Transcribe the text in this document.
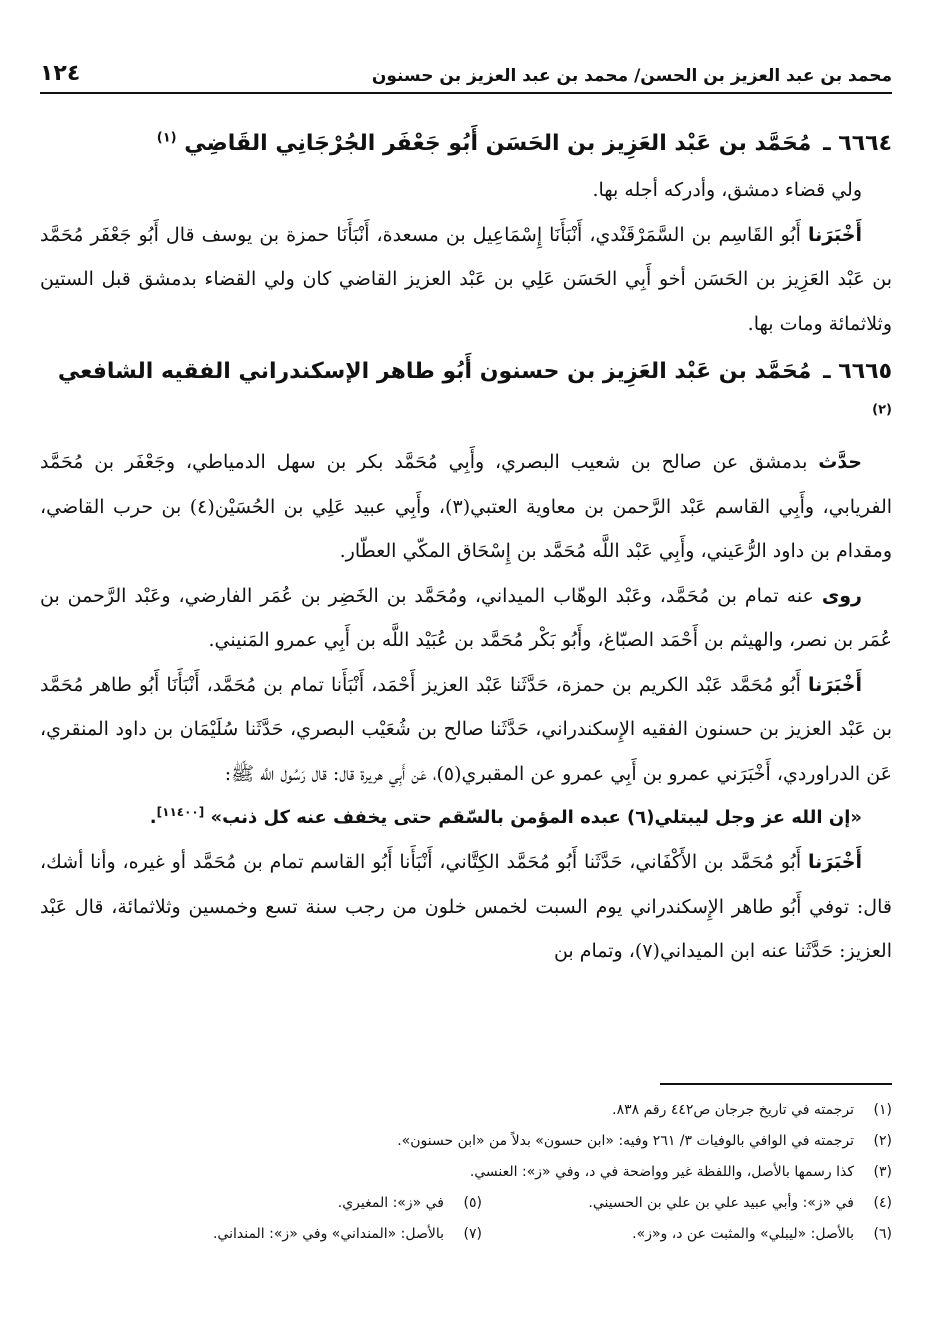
محمد بن عبد العزيز بن الحسن/ محمد بن عبد العزيز بن حسنون
١٢٤
٦٦٦٤ ـ مُحَمَّد بن عَبْد العَزِيز بن الحَسَن أَبُو جَعْفَر الجُرْجَانِي القَاضِي $^{(١)}$

ولي قضاء دمشق، وأدركه أجله بها.

أَخْبَرَنا أَبُو القَاسِم بن السَّمَرْقَنْدي، أَنْبَأَنَا إِسْمَاعِيل بن مسعدة، أَنْبَأَنَا حمزة بن يوسف قال أَبُو جَعْفَر مُحَمَّد بن عَبْد العَزِيز بن الحَسَن أخو أَبِي الحَسَن عَلِي بن عَبْد العزيز القاضي كان ولي القضاء بدمشق قبل الستين وثلاثمائة ومات بها.

٦٦٦٥ ـ مُحَمَّد بن عَبْد العَزِيز بن حسنون أَبُو طاهر الإسكندراني الفقيه الشافعي $^{(٢)}$

حدَّث بدمشق عن صالح بن شعيب البصري، وأَبِي مُحَمَّد بكر بن سهل الدمياطي، وجَعْفَر بن مُحَمَّد الفريابي، وأَبِي القاسم عَبْد الرَّحمن بن معاوية العتبي(٣)، وأَبِي عبيد عَلِي بن الحُسَيْن(٤) بن حرب القاضي، ومقدام بن داود الرُّعَيني، وأَبِي عَبْد اللَّه مُحَمَّد بن إِسْحَاق المكّي العطّار.

روى عنه تمام بن مُحَمَّد، وعَبْد الوهّاب الميداني، ومُحَمَّد بن الخَضِر بن عُمَر الفارضي، وعَبْد الرَّحمن بن عُمَر بن نصر، والهيثم بن أَحْمَد الصبّاغ، وأَبُو بَكْر مُحَمَّد بن عُبَيْد اللَّه بن أَبِي عمرو المَنيني.

أَخْبَرَنا أَبُو مُحَمَّد عَبْد الكريم بن حمزة، حَدَّثَنا عَبْد العزيز أَحْمَد، أَنْبَأَنا تمام بن مُحَمَّد، أَنْبَأَنَا أَبُو طاهر مُحَمَّد بن عَبْد العزيز بن حسنون الفقيه الإِسكندراني، حَدَّثَنا صالح بن شُعَيْب البصري، حَدَّثَنا سُلَيْمَان بن داود المنقري، عَن الدراوردي، أَخْبَرَني عمرو بن أَبِي عمرو عن المقبري(٥)، عَن أَبِي هريرة قال: قال رَسُول اللَّه ﷺ:

«إن الله عز وجل ليبتلي(٦) عبده المؤمن بالسّقم حتى يخفف عنه كل ذنب» [١١٤٠٠].

أَخْبَرَنا أَبُو مُحَمَّد بن الأَكْفَاني، حَدَّثَنا أَبُو مُحَمَّد الكِتَّاني، أَنْبَأَنا أَبُو القاسم تمام بن مُحَمَّد أو غيره، وأنا أشك، قال: توفي أَبُو طاهر الإِسكندراني يوم السبت لخمس خلون من رجب سنة تسع وخمسين وثلاثمائة، قال عَبْد العزيز: حَدَّثَنا عنه ابن الميداني(٧)، وتمام بن

(١)
ترجمته في تاريخ جرجان ص٤٤٢ رقم ٨٣٨.
(٢)
ترجمته في الوافي بالوفيات ٣/ ٢٦١ وفيه: «ابن حسون» بدلاً من «ابن حسنون».
(٣)
كذا رسمها بالأصل، واللفظة غير وواضحة في د، وفي «ز»: العنسي.
(٤)
في «ز»: وأبي عبيد علي بن علي بن الحسيني.
(٥)
في «ز»: المغيري.
(٦)
بالأصل: «ليبلي» والمثبت عن د، و«ز».
(٧)
بالأصل: «المنداني» وفي «ز»: المنداني.
